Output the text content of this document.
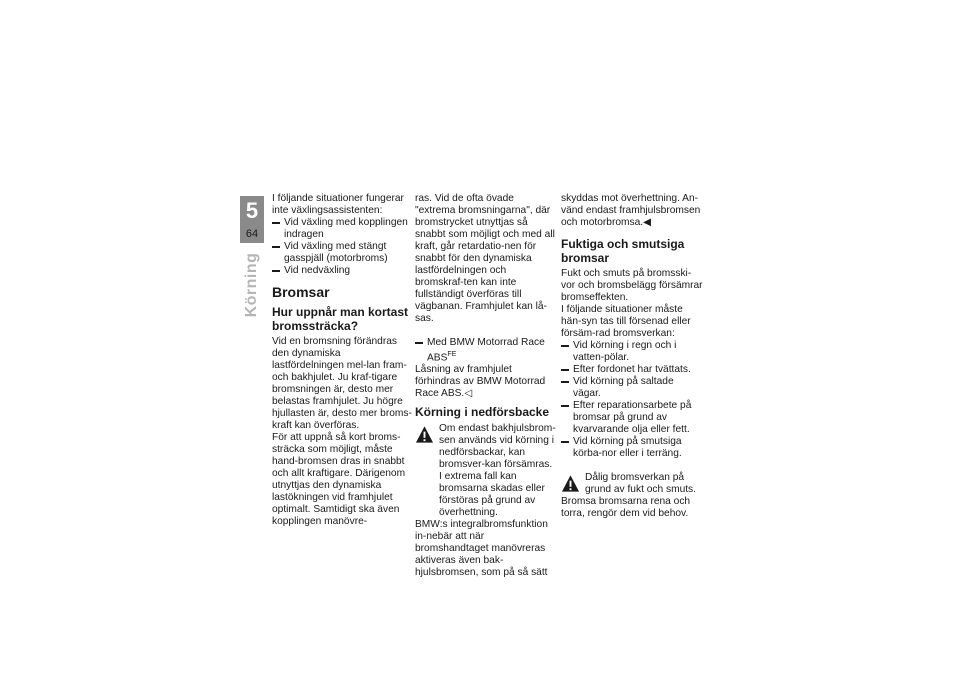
5
64
Körning

I följande situationer fungerar inte växlingsassistenten:

Vid växling med kopplingen indragen

Vid växling med stängt gasspjäll (motorbroms)

Vid nedväxling

Bromsar
Hur uppnår man kortast bromssträcka?

Vid en bromsning förändras den dynamiska lastfördelningen mel-lan fram- och bakhjulet. Ju kraf-tigare bromsningen är, desto mer belastas framhjulet. Ju högre hjullasten är, desto mer broms-kraft kan överföras.

För att uppnå så kort broms-sträcka som möjligt, måste hand-bromsen dras in snabbt och allt kraftigare. Därigenom utnyttjas den dynamiska lastökningen vid framhjulet optimalt. Samtidigt ska även kopplingen manövre-

ras. Vid de ofta övade "extrema bromsningarna", där bromstrycket utnyttjas så snabbt som möjligt och med all kraft, går retardatio-nen för snabbt för den dynamiska lastfördelningen och bromskraf-ten kan inte fullständigt överföras till vägbanan. Framhjulet kan lå-sas.

Med BMW Motorrad Race $ABS^{FE}$

Låsning av framhjulet förhindras av BMW Motorrad Race ABS.◁

Körning i nedförsbacke

Om endast bakhjulsbrom-sen används vid körning i nedförsbackar, kan bromsver-kan försämras. I extrema fall kan bromsarna skadas eller förstöras på grund av överhettning.

BMW:s integralbromsfunktion in-nebär att när bromshandtaget manövreras aktiveras även bak-hjulsbromsen, som på så sätt

skyddas mot överhettning. An-vänd endast framhjulsbromsen och motorbromsa.◀

Fuktiga och smutsiga bromsar

Fukt och smuts på bromsski-vor och bromsbelägg försämrar bromseffekten.

I följande situationer måste hän-syn tas till försenad eller försäm-rad bromsverkan:

Vid körning i regn och i vatten-pölar.

Efter fordonet har tvättats.

Vid körning på saltade vägar.

Efter reparationsarbete på bromsar på grund av kvarvarande olja eller fett.

Vid körning på smutsiga körba-nor eller i terräng.

Dålig bromsverkan på grund av fukt och smuts.

Bromsa bromsarna rena och torra, rengör dem vid behov.
